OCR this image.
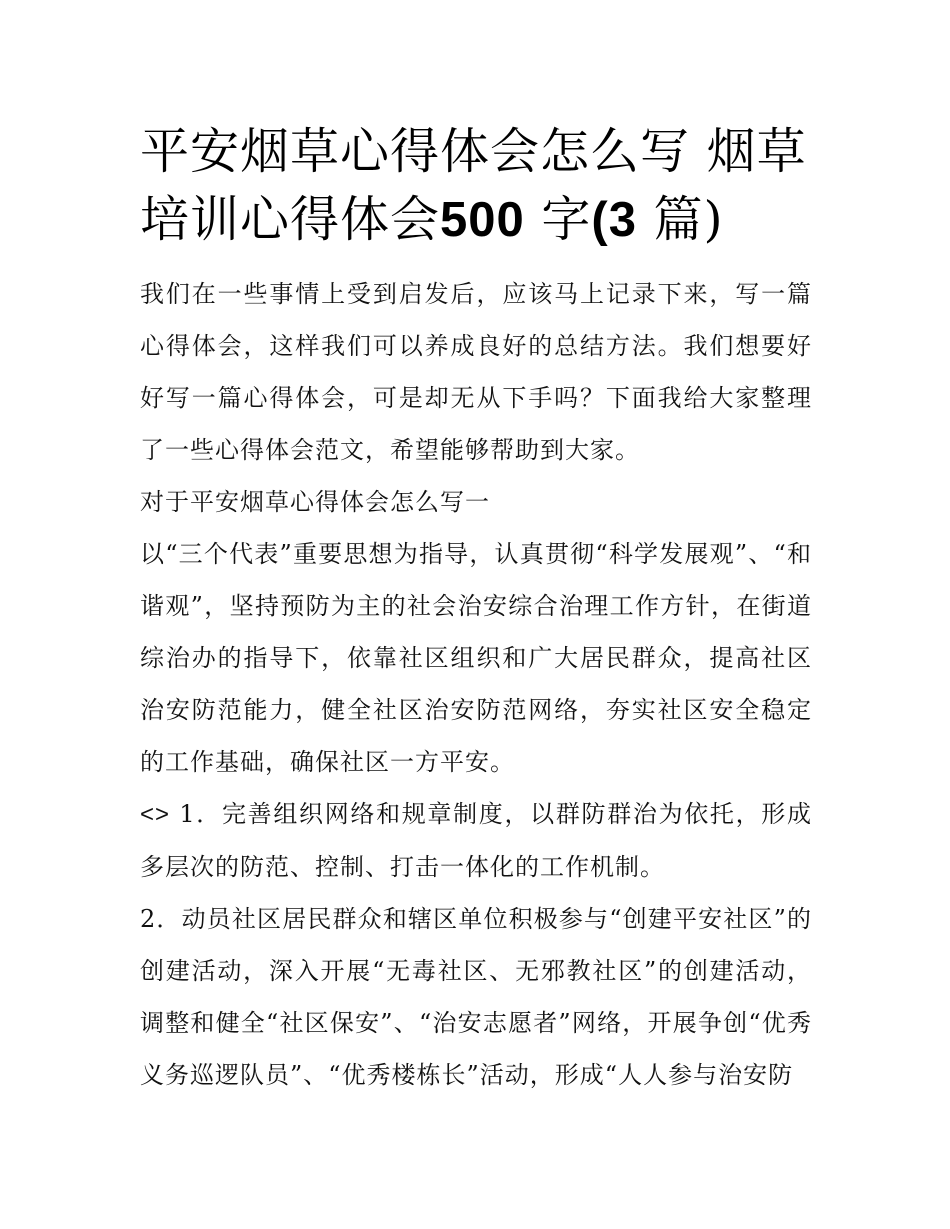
平安烟草心得体会怎么写 烟草
培训心得体会500 字(3 篇)

我们在一些事情上受到启发后，应该马上记录下来，写一篇心得体会，这样我们可以养成良好的总结方法。我们想要好好写一篇心得体会，可是却无从下手吗？下面我给大家整理了一些心得体会范文，希望能够帮助到大家。

对于平安烟草心得体会怎么写一

以“三个代表”重要思想为指导，认真贯彻“科学发展观”、“和谐观”，坚持预防为主的社会治安综合治理工作方针，在街道综治办的指导下，依靠社区组织和广大居民群众，提高社区治安防范能力，健全社区治安防范网络，夯实社区安全稳定的工作基础，确保社区一方平安。

<> 1．完善组织网络和规章制度，以群防群治为依托，形成多层次的防范、控制、打击一体化的工作机制。

2．动员社区居民群众和辖区单位积极参与“创建平安社区”的创建活动，深入开展“无毒社区、无邪教社区”的创建活动，调整和健全“社区保安”、“治安志愿者”网络，开展争创“优秀义务巡逻队员”、“优秀楼栋长”活动，形成“人人参与治安防
